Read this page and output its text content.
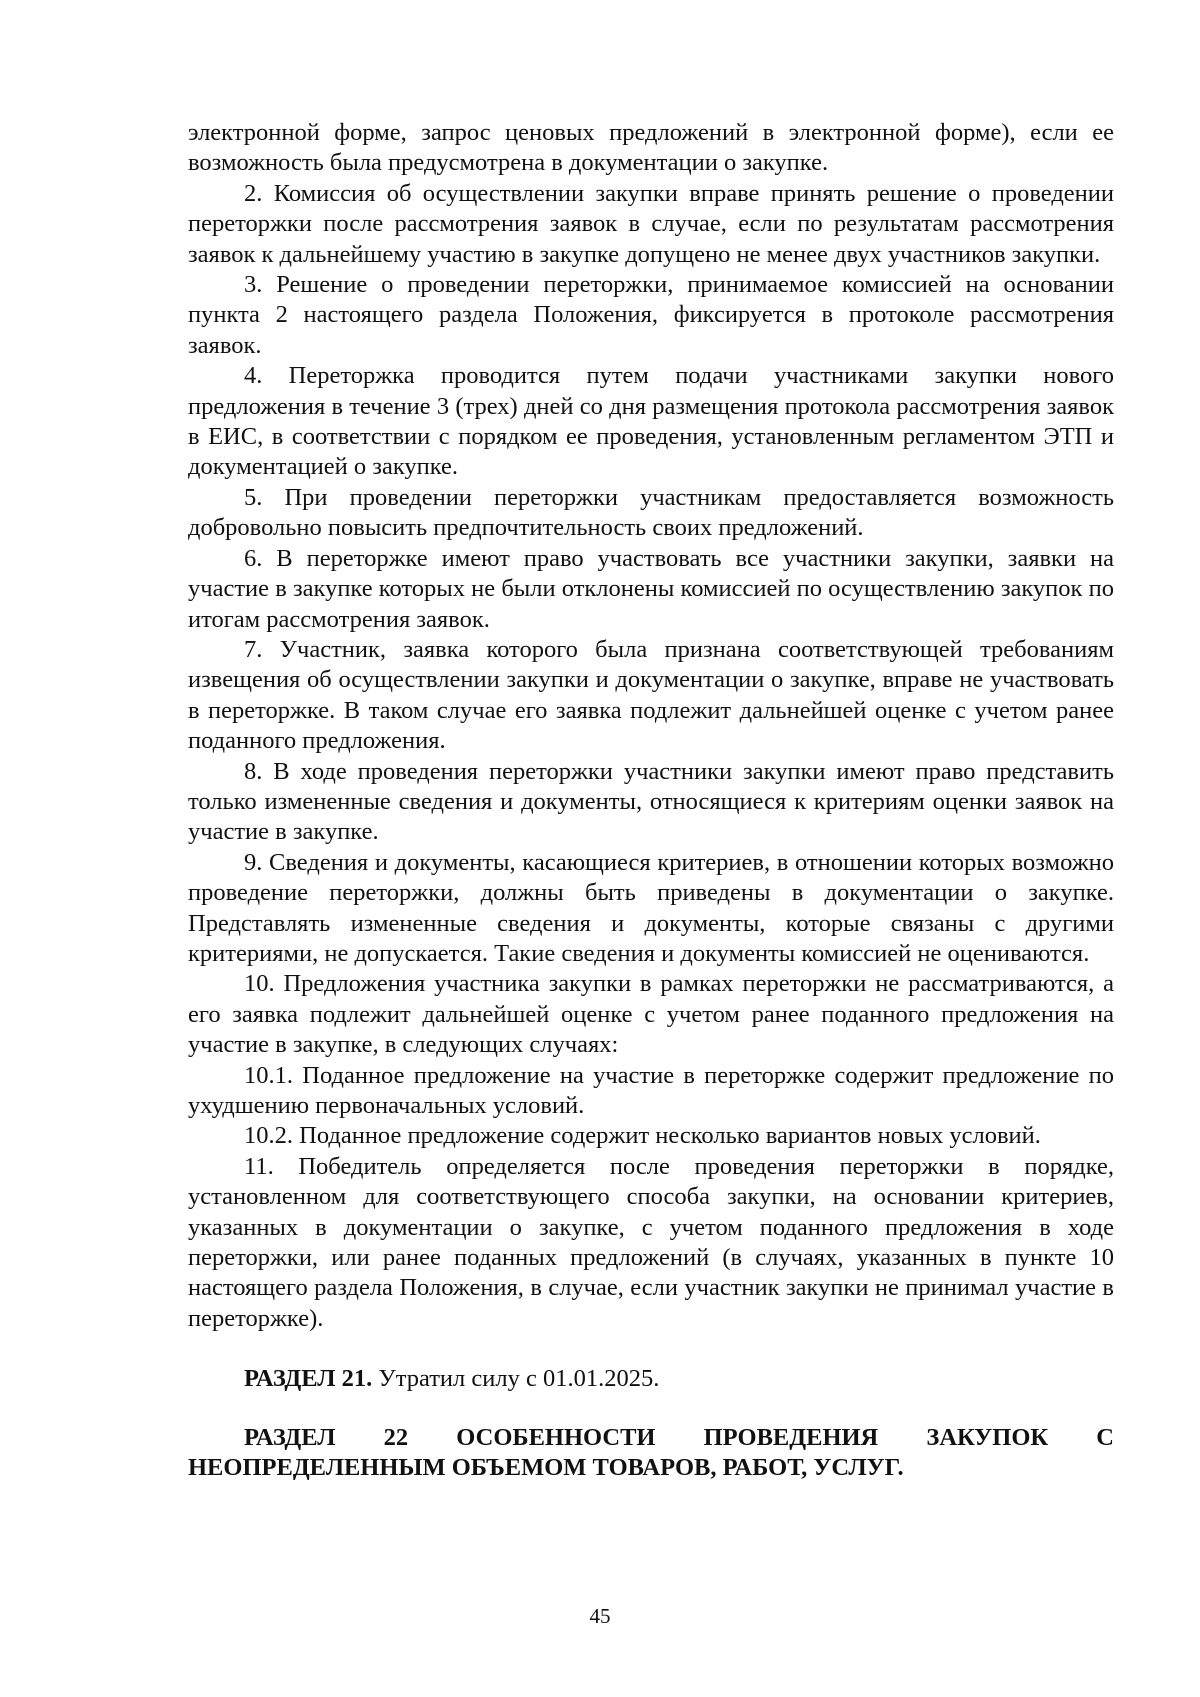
электронной форме, запрос ценовых предложений в электронной форме), если ее возможность была предусмотрена в документации о закупке.

2. Комиссия об осуществлении закупки вправе принять решение о проведении переторжки после рассмотрения заявок в случае, если по результатам рассмотрения заявок к дальнейшему участию в закупке допущено не менее двух участников закупки.

3. Решение о проведении переторжки, принимаемое комиссией на основании пункта 2 настоящего раздела Положения, фиксируется в протоколе рассмотрения заявок.

4. Переторжка проводится путем подачи участниками закупки нового предложения в течение 3 (трех) дней со дня размещения протокола рассмотрения заявок в ЕИС, в соответствии с порядком ее проведения, установленным регламентом ЭТП и документацией о закупке.

5. При проведении переторжки участникам предоставляется возможность добровольно повысить предпочтительность своих предложений.

6. В переторжке имеют право участвовать все участники закупки, заявки на участие в закупке которых не были отклонены комиссией по осуществлению закупок по итогам рассмотрения заявок.

7. Участник, заявка которого была признана соответствующей требованиям извещения об осуществлении закупки и документации о закупке, вправе не участвовать в переторжке. В таком случае его заявка подлежит дальнейшей оценке с учетом ранее поданного предложения.

8. В ходе проведения переторжки участники закупки имеют право представить только измененные сведения и документы, относящиеся к критериям оценки заявок на участие в закупке.

9. Сведения и документы, касающиеся критериев, в отношении которых возможно проведение переторжки, должны быть приведены в документации о закупке. Представлять измененные сведения и документы, которые связаны с другими критериями, не допускается. Такие сведения и документы комиссией не оцениваются.

10. Предложения участника закупки в рамках переторжки не рассматриваются, а его заявка подлежит дальнейшей оценке с учетом ранее поданного предложения на участие в закупке, в следующих случаях:

10.1. Поданное предложение на участие в переторжке содержит предложение по ухудшению первоначальных условий.

10.2. Поданное предложение содержит несколько вариантов новых условий.

11. Победитель определяется после проведения переторжки в порядке, установленном для соответствующего способа закупки, на основании критериев, указанных в документации о закупке, с учетом поданного предложения в ходе переторжки, или ранее поданных предложений (в случаях, указанных в пункте 10 настоящего раздела Положения, в случае, если участник закупки не принимал участие в переторжке).

РАЗДЕЛ 21. Утратил силу с 01.01.2025.

РАЗДЕЛ 22 ОСОБЕННОСТИ ПРОВЕДЕНИЯ ЗАКУПОК С
НЕОПРЕДЕЛЕННЫМ ОБЪЕМОМ ТОВАРОВ, РАБОТ, УСЛУГ.

45
